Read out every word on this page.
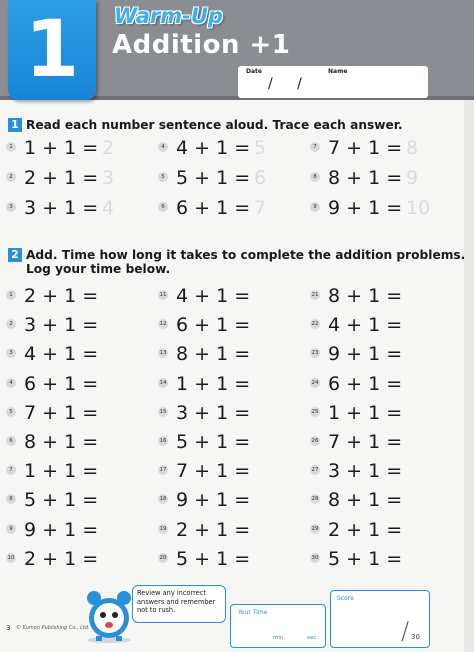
1	Warm-Up
Addition +1
Date	Name
/ /
1 Read each number sentence aloud. Trace each answer.
1 1 + 1 = 2
2 2 + 1 = 3
3 3 + 1 = 4
4 4 + 1 = 5
5 5 + 1 = 6
6 6 + 1 = 7
7 7 + 1 = 8
8 8 + 1 = 9
9 9 + 1 = 10
2 Add. Time how long it takes to complete the addition problems.
Log your time below.
1 2 + 1 =
2 3 + 1 =
3 4 + 1 =
4 6 + 1 =
5 7 + 1 =
6 8 + 1 =
7 1 + 1 =
8 5 + 1 =
9 9 + 1 =
10 2 + 1 =
11 4 + 1 =
12 6 + 1 =
13 8 + 1 =
14 1 + 1 =
15 3 + 1 =
16 5 + 1 =
17 7 + 1 =
18 9 + 1 =
19 2 + 1 =
20 5 + 1 =
21 8 + 1 =
22 4 + 1 =
23 9 + 1 =
24 6 + 1 =
25 1 + 1 =
26 7 + 1 =
27 3 + 1 =
28 8 + 1 =
29 2 + 1 =
30 5 + 1 =
3 © Kumon Publishing Co., Ltd.
Review any incorrect answers and remember not to rush.	Your Time
min.	sec.
Score
/ 30
